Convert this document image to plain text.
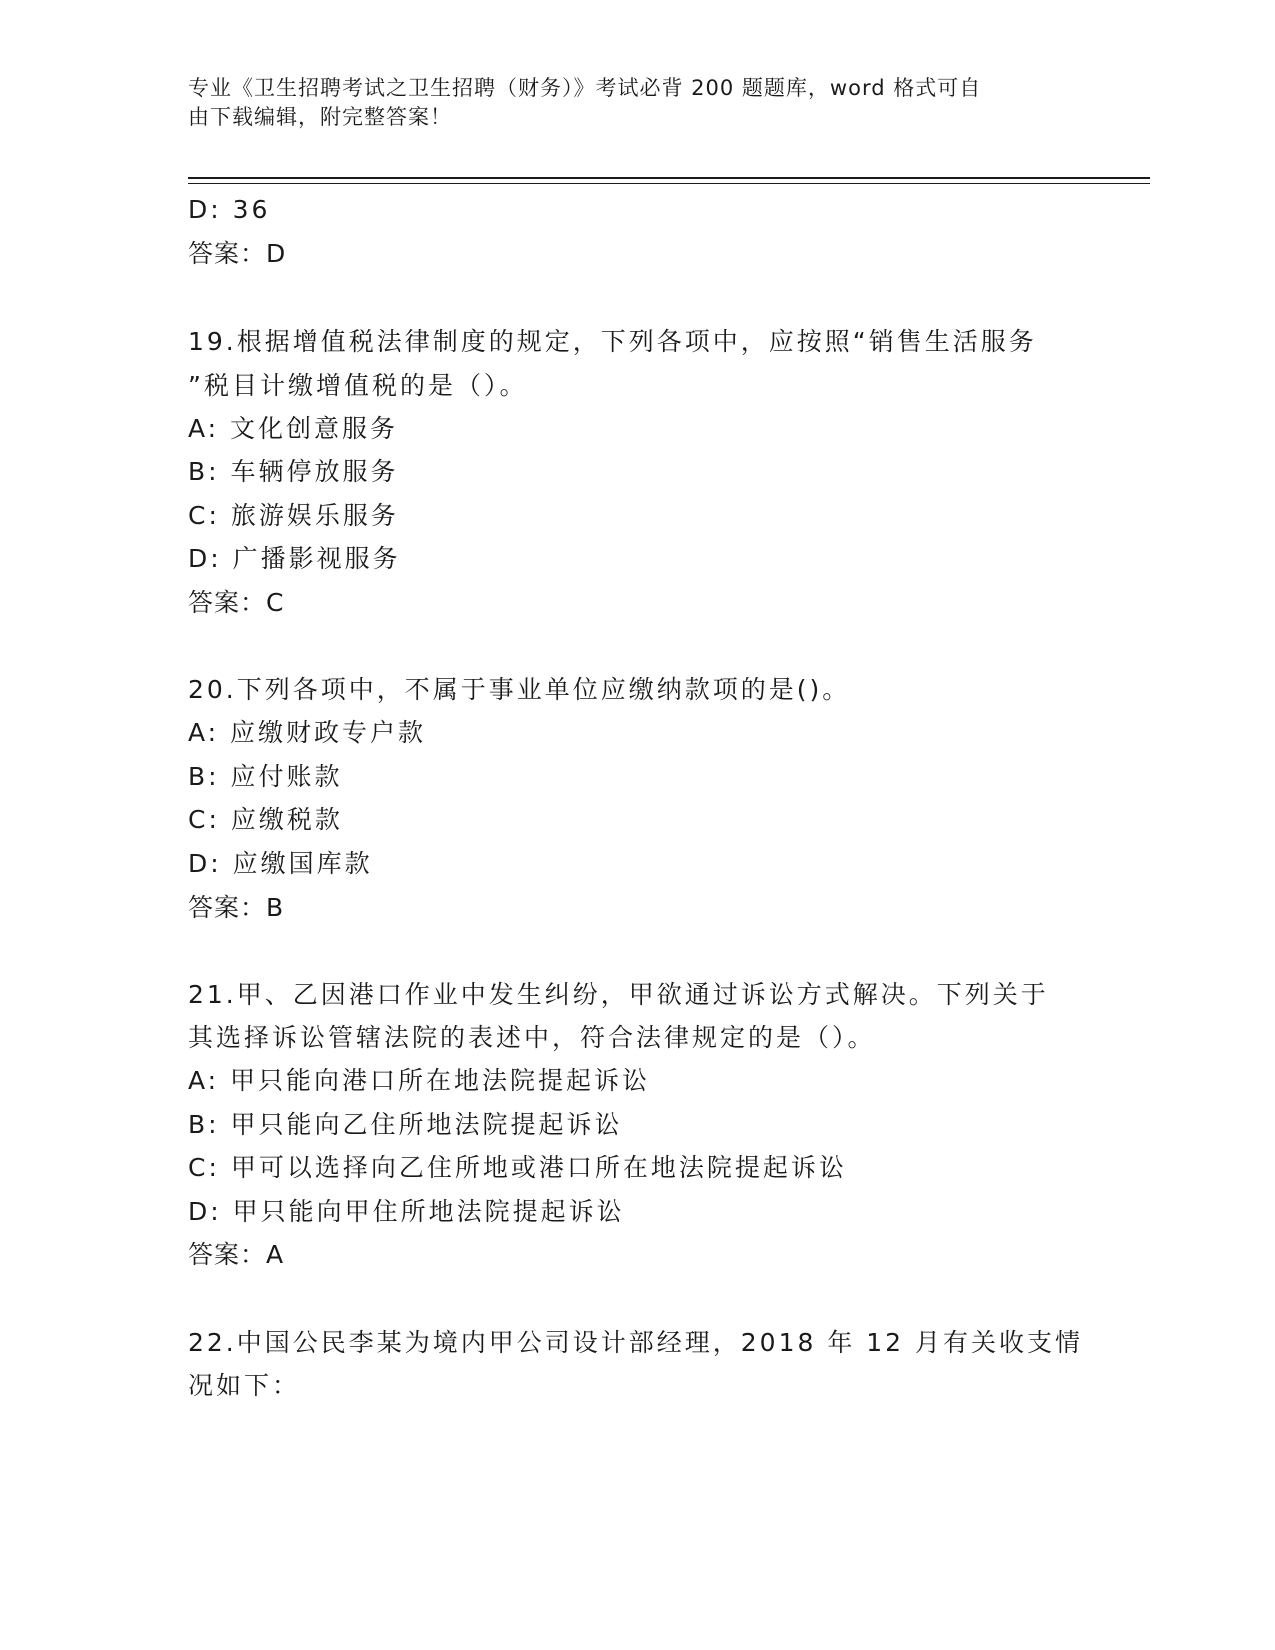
专业《卫生招聘考试之卫生招聘（财务）》考试必背 200 题题库，word 格式可自
由下载编辑，附完整答案！
D: 36
答案：D
19.根据增值税法律制度的规定，下列各项中，应按照“销售生活服务
”税目计缴增值税的是（）。
A: 文化创意服务
B: 车辆停放服务
C: 旅游娱乐服务
D: 广播影视服务
答案：C
20.下列各项中，不属于事业单位应缴纳款项的是()。
A: 应缴财政专户款
B: 应付账款
C: 应缴税款
D: 应缴国库款
答案：B
21.甲、乙因港口作业中发生纠纷，甲欲通过诉讼方式解决。下列关于
其选择诉讼管辖法院的表述中，符合法律规定的是（）。
A: 甲只能向港口所在地法院提起诉讼
B: 甲只能向乙住所地法院提起诉讼
C: 甲可以选择向乙住所地或港口所在地法院提起诉讼
D: 甲只能向甲住所地法院提起诉讼
答案：A
22.中国公民李某为境内甲公司设计部经理，2018 年 12 月有关收支情
况如下：
